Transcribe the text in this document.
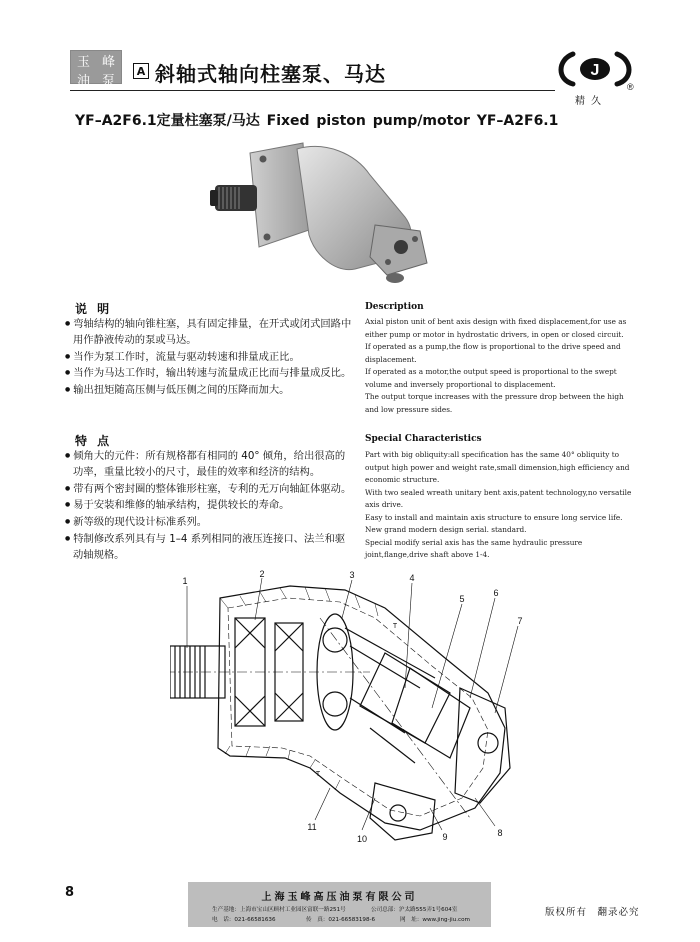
玉 峰
油 泵
A 斜轴式轴向柱塞泵、马达	J
®
精久
YF–A2F6.1定量柱塞泵/马达 Fixed piston pump/motor YF–A2F6.1
说 明
● 弯轴结构的轴向锥柱塞，具有固定排量，在开式或闭式回路中用作静液传动的泵或马达。
● 当作为泵工作时，流量与驱动转速和排量成正比。
● 当作为马达工作时，输出转速与流量成正比而与排量成反比。
● 输出扭矩随高压侧与低压侧之间的压降而加大。
Description

Axial piston unit of bent axis design with fixed displacement,for use as either pump or motor in hydrostatic drivers, in open or closed circuit.

If operated as a pump,the flow is proportional to the drive speed and displacement.

If operated as a motor,the output speed is proportional to the swept volume and inversely proportional to displacement.

The output torque increases with the pressure drop between the high and low pressure sides.

特 点
● 倾角大的元件：所有规格都有相同的 40° 倾角，给出很高的功率，重量比较小的尺寸，最佳的效率和经济的结构。
● 带有两个密封圈的整体锥形柱塞，专利的无万向轴缸体驱动。
● 易于安装和维修的轴承结构，提供较长的寿命。
● 新等级的现代设计标准系列。
● 特制修改系列具有与 1–4 系列相同的液压连接口、法兰和驱动轴规格。
Special Characteristics

Part with big obliquity:all specification has the same 40° obliquity to output high power and weight rate,small dimension,high efficiency and economic structure.

With two sealed wreath unitary bent axis,patent technology,no versatile axis drive.

Easy to install and maintain axis structure to ensure long service life.

New grand modern design serial. standard.

Special modify serial axis has the same hydraulic pressure joint,flange,drive shaft above 1-4.

1
2	3	4
5
6
7
8
9
10
11
T
T
8	上海玉峰高压油泵有限公司
生产基地：上海市宝山区顾村工业园区富联一路251号	公司总部：沪太路555弄1号604室
电　话：021-66581636	传　真：021-66583198-6	网　址：www.jing-jiu.com
版权所有　翻录必究
